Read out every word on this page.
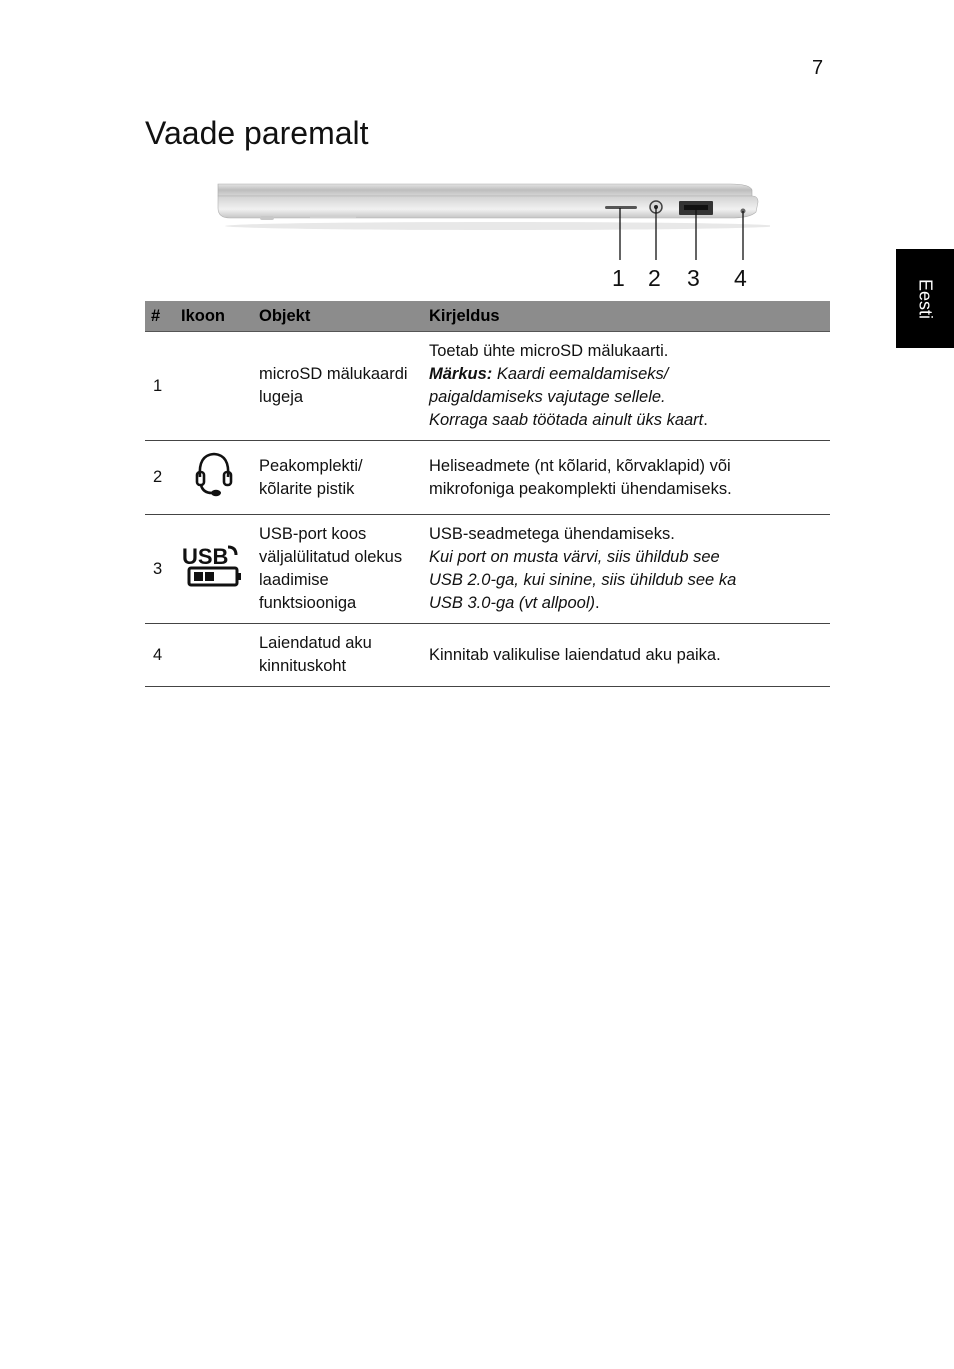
7
Vaade paremalt
Eesti
1 2 3 4
#	Ikoon	Objekt	Kirjeldus
1		microSD mälukaardi
lugeja	Toetab ühte microSD mälukaarti.
Märkus: Kaardi eemaldamiseks/
paigaldamiseks vajutage sellele.
Korraga saab töötada ainult üks kaart.

2		Peakomplekti/
kõlarite pistik	Heliseadmete (nt kõlarid, kõrvaklapid) või
mikrofoniga peakomplekti ühendamiseks.

3	USB	USB-port koos
väljalülitatud olekus
laadimise
funktsiooniga	USB-seadmetega ühendamiseks.
Kui port on musta värvi, siis ühildub see
USB 2.0-ga, kui sinine, siis ühildub see ka
USB 3.0-ga (vt allpool).

4		Laiendatud aku
kinnituskoht	Kinnitab valikulise laiendatud aku paika.
